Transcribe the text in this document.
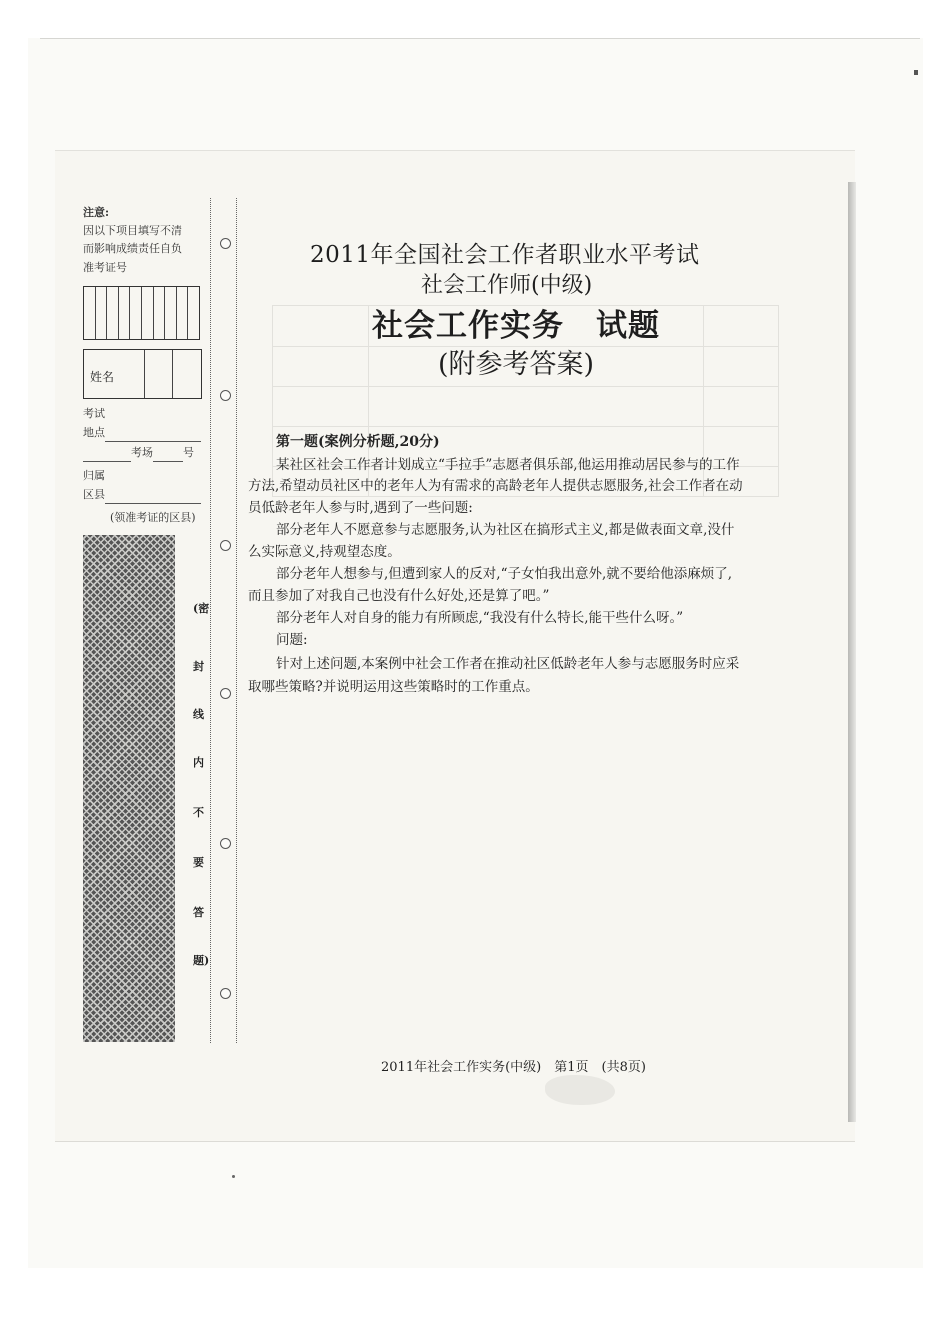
注意:
因以下项目填写不清
而影响成绩责任自负
准考证号
姓名
考试
地点
考场	号
归属
区县
(领准考证的区县)
(密
封
线
内
不
要
答
题)
2011年全国社会工作者职业水平考试
社会工作师(中级)
社会工作实务　试题
(附参考答案)
第一题(案例分析题,20分)
某社区社会工作者计划成立“手拉手”志愿者俱乐部,他运用推动居民参与的工作
方法,希望动员社区中的老年人为有需求的高龄老年人提供志愿服务,社会工作者在动
员低龄老年人参与时,遇到了一些问题:
部分老年人不愿意参与志愿服务,认为社区在搞形式主义,都是做表面文章,没什
么实际意义,持观望态度。
部分老年人想参与,但遭到家人的反对,“子女怕我出意外,就不要给他添麻烦了,
而且参加了对我自己也没有什么好处,还是算了吧。”
部分老年人对自身的能力有所顾虑,“我没有什么特长,能干些什么呀。”
问题:
针对上述问题,本案例中社会工作者在推动社区低龄老年人参与志愿服务时应采
取哪些策略?并说明运用这些策略时的工作重点。
2011年社会工作实务(中级)　第1页　(共8页)
